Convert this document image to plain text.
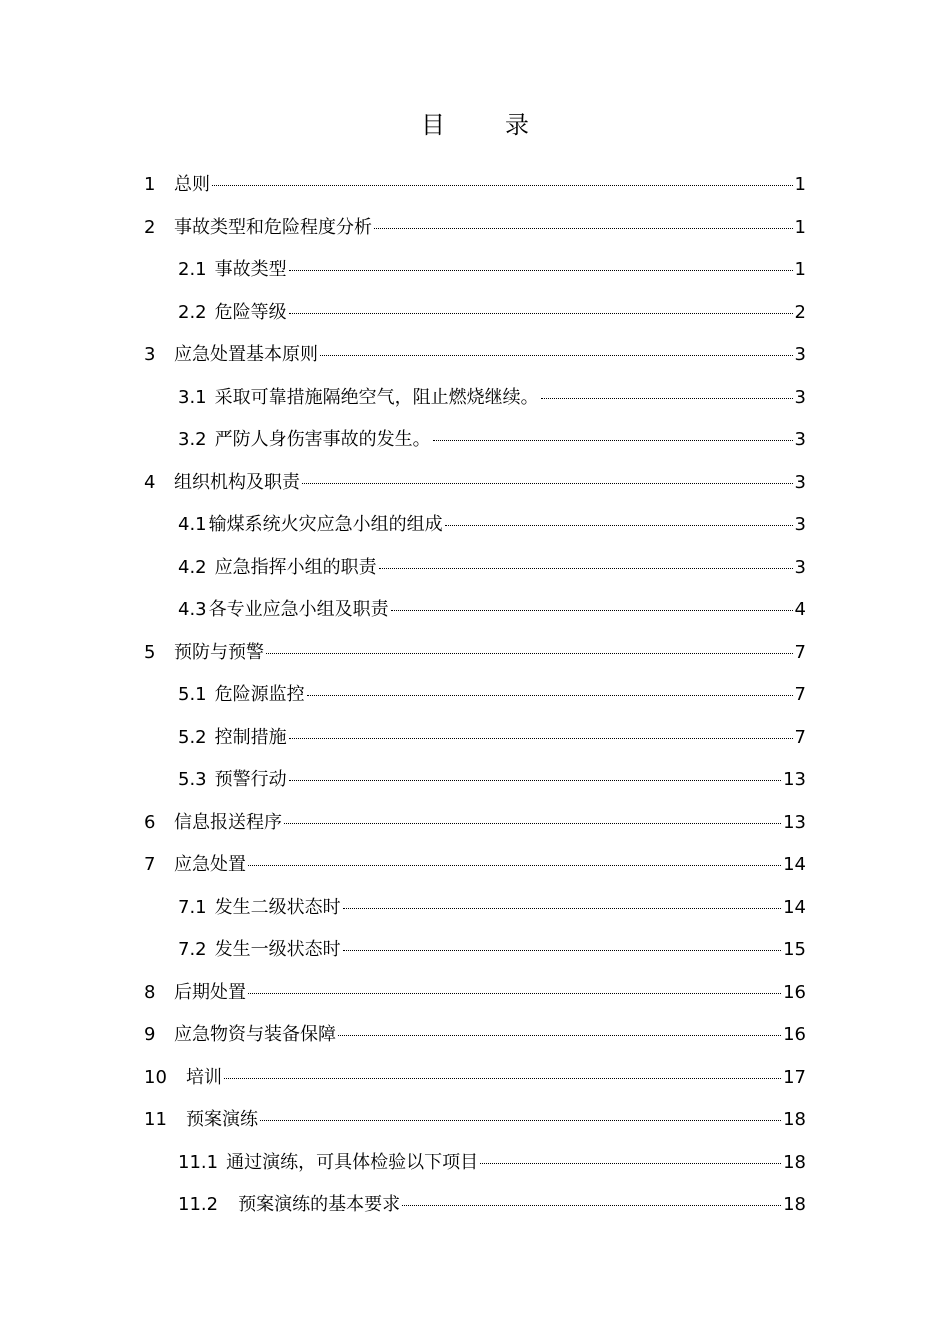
目	录
1	总则	1
2	事故类型和危险程度分析	1
2.1 事故类型	1
2.2 危险等级	2
3	应急处置基本原则	3
3.1 采取可靠措施隔绝空气，阻止燃烧继续。	3
3.2 严防人身伤害事故的发生。	3
4	组织机构及职责	3
4.1 输煤系统火灾应急小组的组成	3
4.2 应急指挥小组的职责	3
4.3 各专业应急小组及职责	4
5	预防与预警	7
5.1 危险源监控	7
5.2 控制措施	7
5.3 预警行动	13
6	信息报送程序	13
7	应急处置	14
7.1 发生二级状态时	14
7.2 发生一级状态时	15
8	后期处置	16
9	应急物资与装备保障	16
10	培训	17
11	预案演练	18
11.1 通过演练，可具体检验以下项目	18
11.2 预案演练的基本要求	18
